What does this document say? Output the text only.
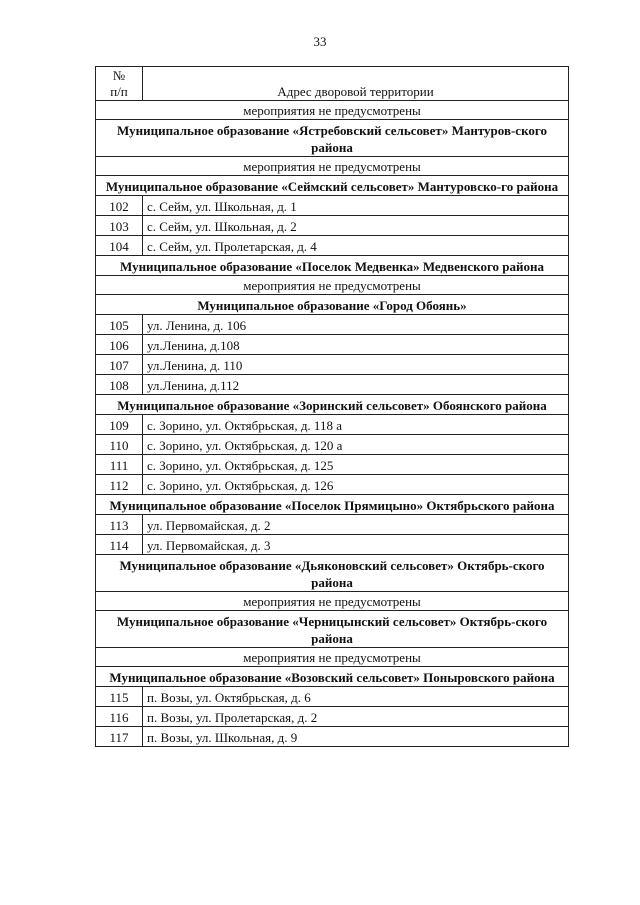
33
№
п/п	Адрес дворовой территории
мероприятия не предусмотрены	
Муниципальное образование «Ястребовский сельсовет» Мантуров-ского района	
мероприятия не предусмотрены	
Муниципальное образование «Сеймский сельсовет» Мантуровско-го района	
102	с. Сейм, ул. Школьная, д. 1
103	с. Сейм, ул. Школьная, д. 2
104	с. Сейм, ул. Пролетарская, д. 4
Муниципальное образование «Поселок Медвенка» Медвенского района	
мероприятия не предусмотрены	
Муниципальное образование «Город Обоянь»	
105	ул. Ленина, д. 106
106	ул.Ленина, д.108
107	ул.Ленина, д. 110
108	ул.Ленина, д.112
Муниципальное образование «Зоринский сельсовет» Обоянского района	
109	с. Зорино, ул. Октябрьская, д. 118 а
110	с. Зорино, ул. Октябрьская, д. 120 а
111	с. Зорино, ул. Октябрьская, д. 125
112	с. Зорино, ул. Октябрьская, д. 126
Муниципальное образование «Поселок Прямицыно» Октябрьского района	
113	ул. Первомайская, д. 2
114	ул. Первомайская, д. 3
Муниципальное образование «Дьяконовский сельсовет» Октябрь-ского района	
мероприятия не предусмотрены	
Муниципальное образование «Черницынский сельсовет» Октябрь-ского района	
мероприятия не предусмотрены	
Муниципальное образование «Возовский сельсовет» Поныровского района	
115	п. Возы, ул. Октябрьская, д. 6
116	п. Возы, ул. Пролетарская, д. 2
117	п. Возы, ул. Школьная, д. 9
